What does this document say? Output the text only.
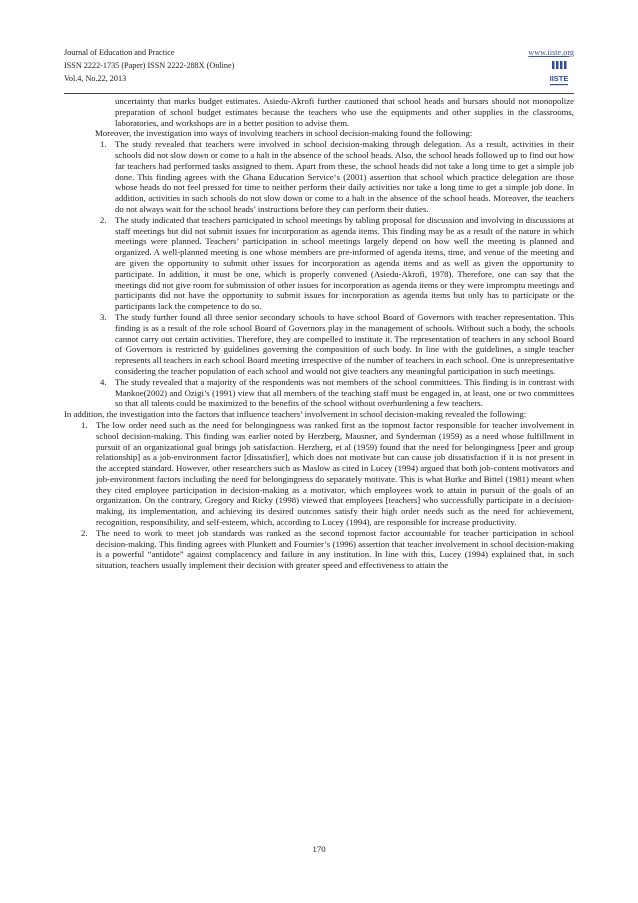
Journal of Education and Practice
ISSN 2222-1735 (Paper) ISSN 2222-288X (Online)
Vol.4, No.22, 2013
www.iiste.org
IISTE

uncertainty that marks budget estimates. Asiedu-Akrofi further cautioned that school heads and bursars should not monopolize preparation of school budget estimates because the teachers who use the equipments and other supplies in the classrooms, laboratories, and workshops are in a better position to advise them.

Moreover, the investigation into ways of involving teachers in school decision-making found the following:

1. The study revealed that teachers were involved in school decision-making through delegation. As a result, activities in their schools did not slow down or come to a halt in the absence of the school heads. Also, the school heads followed up to find out how far teachers had performed tasks assigned to them. Apart from these, the school heads did not take a long time to get a simple job done. This finding agrees with the Ghana Education Service‘s (2001) assertion that school which practice delegation are those whose heads do not feel pressed for time to neither perform their daily activities nor take a long time to get a simple job done. In addition, activities in such schools do not slow down or come to a halt in the absence of the school heads. Moreover, the teachers do not always wait for the school heads’ instructions before they can perform their duties.
2. The study indicated that teachers participated in school meetings by tabling proposal for discussion and involving in discussions at staff meetings but did not submit issues for incorporation as agenda items. This finding may be as a result of the nature in which meetings were planned. Teachers’ participation in school meetings largely depend on how well the meeting is planned and organized. A well-planned meeting is one whose members are pre-informed of agenda items, time, and venue of the meeting and are given the opportunity to submit other issues for incorporation as agenda items and as well as given the opportunity to participate. In addition, it must be one, which is properly convened (Asiedu-Akrofi, 1978). Therefore, one can say that the meetings did not give room for submission of other issues for incorporation as agenda items or they were impromptu meetings and participants did not have the opportunity to submit issues for incorporation as agenda items but only has to participate or the participants lack the competence to do so.
3. The study further found all three senior secondary schools to have school Board of Governors with teacher representation. This finding is as a result of the role school Board of Governors play in the management of schools. Without such a body, the schools cannot carry out certain activities. Therefore, they are compelled to institute it. The representation of teachers in any school Board of Governors is restricted by guidelines governing the composition of such body. In line with the guidelines, a single teacher represents all teachers in each school Board meeting irrespective of the number of teachers in each school. One is unrepresentative considering the teacher population of each school and would not give teachers any meaningful participation in such meetings.
4. The study revealed that a majority of the respondents was not members of the school committees. This finding is in contrast with Mankoe(2002) and Ozigi’s (1991) view that all members of the teaching staff must be engaged in, at least, one or two committees so that all talents could be maximized to the benefits of the school without overburdening a few teachers.

In addition, the investigation into the factors that influence teachers’ involvement in school decision-making revealed the following:

1. The low order need such as the need for belongingness was ranked first as the topmost factor responsible for teacher involvement in school decision-making. This finding was earlier noted by Herzberg, Mausner, and Synderman (1959) as a need whose fulfillment in pursuit of an organizational goal brings job satisfaction. Herzberg, et al (1959) found that the need for belongingness [peer and group relationship] as a job-environment factor [dissatisfier], which does not motivate but can cause job dissatisfaction if it is not present in the accepted standard. However, other researchers such as Maslow as cited in Lucey (1994) argued that both job-content motivators and job-environment factors including the need for belongingness do separately motivate. This is what Burke and Bittel (1981) meant when they cited employee participation in decision-making as a motivator, which employees work to attain in pursuit of the goals of an organization. On the contrary, Gregory and Ricky (1998) viewed that employees [teachers] who successfully participate in a decision-making, its implementation, and achieving its desired outcomes satisfy their high order needs such as the need for achievement, recognition, responsibility, and self-esteem, which, according to Lucey (1994), are responsible for increase productivity.
2. The need to work to meet job standards was ranked as the second topmost factor accountable for teacher participation in school decision-making. This finding agrees with Plunkett and Fournier’s (1996) assertion that teacher involvement in school decision-making is a powerful “antidote” against complacency and failure in any institution. In line with this, Lucey (1994) explained that, in such situation, teachers usually implement their decision with greater speed and effectiveness to attain the
170
